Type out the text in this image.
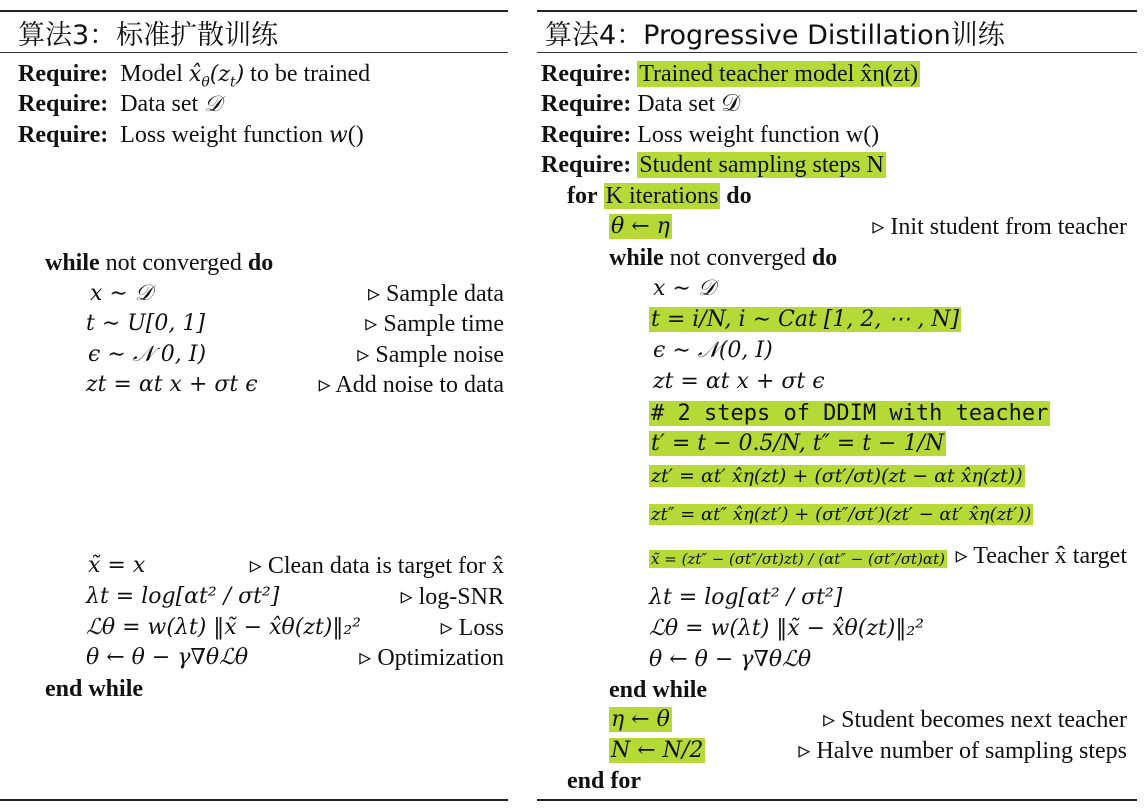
算法3：标准扩散训练
Require:  Model $x̂_\theta(z_t)$ to be trained
Require:  Data set 𝒟
Require:  Loss weight function w()
while not converged do
x ∼ 𝒟	▹ Sample data
t ∼ U[0, 1]	▹ Sample time
ϵ ∼ 𝒩 0, I)	▹ Sample noise
zt = αt x + σt ϵ	▹ Add noise to data
x̃ = x	▹ Clean data is target for x̂
λt = log[αt² / σt²]	▹ log-SNR
ℒθ = w(λt) ‖x̃ − x̂θ(zt)‖₂²	▹ Loss
θ ← θ − γ∇θℒθ	▹ Optimization
end while
算法4：Progressive Distillation训练
Require: Trained teacher model x̂η(zt)
Require: Data set 𝒟
Require: Loss weight function w()
Require: Student sampling steps N
for K iterations do
θ ← η	▹ Init student from teacher
while not converged do
x ∼ 𝒟
t = i/N, i ∼ Cat [1, 2, ⋯ , N]
ϵ ∼ 𝒩(0, I)
zt = αt x + σt ϵ
# 2 steps of DDIM with teacher
t′ = t − 0.5/N, t″ = t − 1/N
zt′ = αt′ x̂η(zt) + (σt′/σt)(zt − αt x̂η(zt))
zt″ = αt″ x̂η(zt′) + (σt″/σt′)(zt′ − αt′ x̂η(zt′))
x̃ = (zt″ − (σt″/σt)zt) / (αt″ − (σt″/σt)αt) ▹ Teacher x̂ target
λt = log[αt² / σt²]
ℒθ = w(λt) ‖x̃ − x̂θ(zt)‖₂²
θ ← θ − γ∇θℒθ
end while
η ← θ	▹ Student becomes next teacher
N ← N/2	▹ Halve number of sampling steps
end for
